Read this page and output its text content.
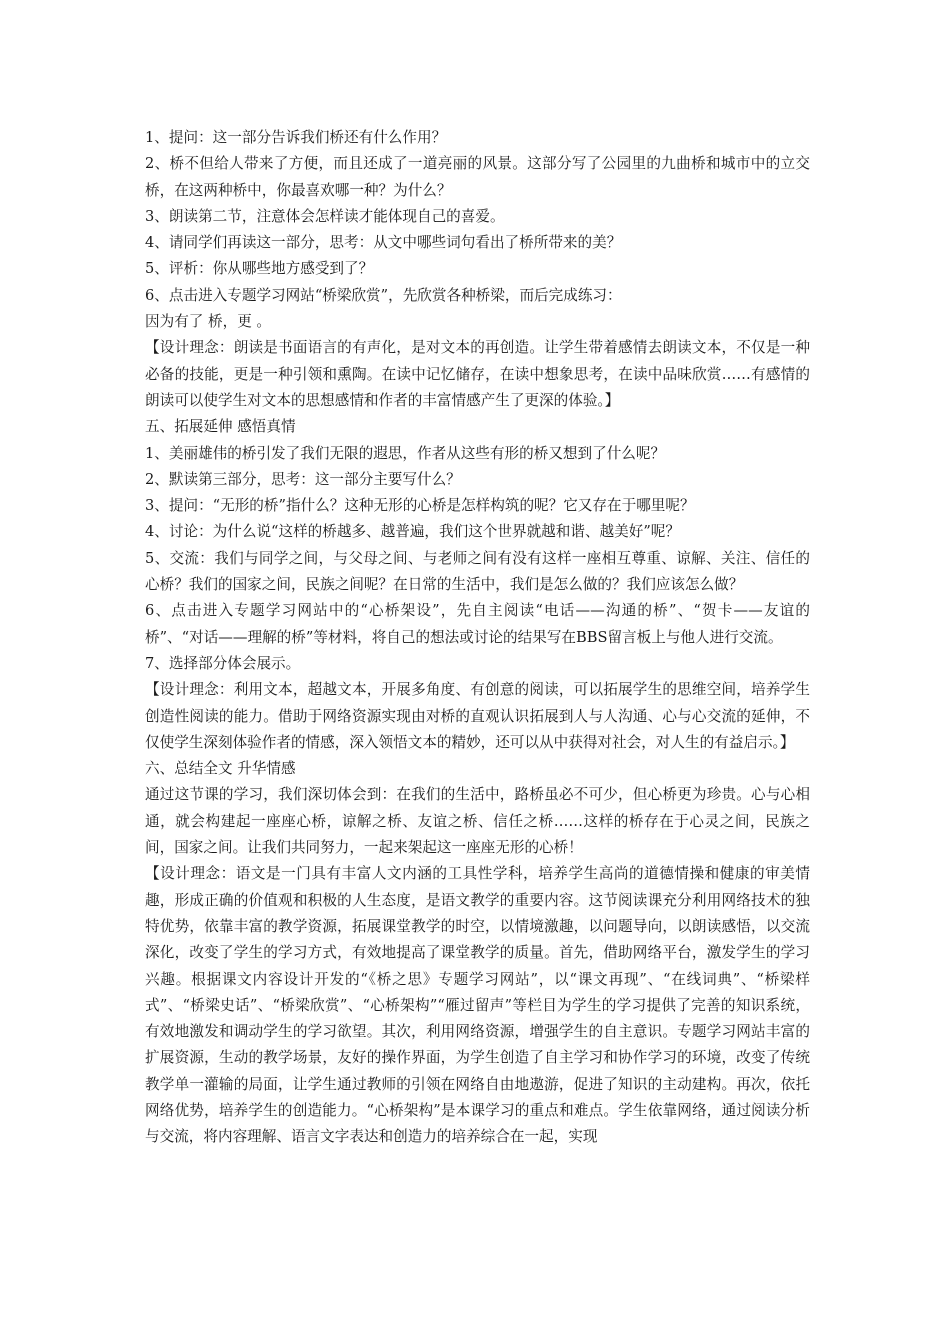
1、提问：这一部分告诉我们桥还有什么作用？

2、桥不但给人带来了方便，而且还成了一道亮丽的风景。这部分写了公园里的九曲桥和城市中的立交桥，在这两种桥中，你最喜欢哪一种？为什么？

3、朗读第二节，注意体会怎样读才能体现自己的喜爱。

4、请同学们再读这一部分，思考：从文中哪些词句看出了桥所带来的美？

5、评析：你从哪些地方感受到了？

6、点击进入专题学习网站“桥梁欣赏”，先欣赏各种桥梁，而后完成练习：

因为有了 桥，更 。

【设计理念：朗读是书面语言的有声化，是对文本的再创造。让学生带着感情去朗读文本，不仅是一种必备的技能，更是一种引领和熏陶。在读中记忆储存，在读中想象思考，在读中品味欣赏……有感情的朗读可以使学生对文本的思想感情和作者的丰富情感产生了更深的体验。】

五、拓展延伸 感悟真情

1、美丽雄伟的桥引发了我们无限的遐思，作者从这些有形的桥又想到了什么呢？

2、默读第三部分，思考：这一部分主要写什么？

3、提问：“无形的桥”指什么？这种无形的心桥是怎样构筑的呢？它又存在于哪里呢？

4、讨论：为什么说“这样的桥越多、越普遍，我们这个世界就越和谐、越美好”呢？

5、交流：我们与同学之间，与父母之间、与老师之间有没有这样一座相互尊重、谅解、关注、信任的心桥？我们的国家之间，民族之间呢？在日常的生活中，我们是怎么做的？我们应该怎么做？

6、点击进入专题学习网站中的“心桥架设”，先自主阅读“电话——沟通的桥”、“贺卡——友谊的桥”、“对话——理解的桥”等材料，将自己的想法或讨论的结果写在BBS留言板上与他人进行交流。

7、选择部分体会展示。

【设计理念：利用文本，超越文本，开展多角度、有创意的阅读，可以拓展学生的思维空间，培养学生创造性阅读的能力。借助于网络资源实现由对桥的直观认识拓展到人与人沟通、心与心交流的延伸，不仅使学生深刻体验作者的情感，深入领悟文本的精妙，还可以从中获得对社会，对人生的有益启示。】

六、总结全文 升华情感

通过这节课的学习，我们深切体会到：在我们的生活中，路桥虽必不可少，但心桥更为珍贵。心与心相通，就会构建起一座座心桥，谅解之桥、友谊之桥、信任之桥……这样的桥存在于心灵之间，民族之间，国家之间。让我们共同努力，一起来架起这一座座无形的心桥！

【设计理念：语文是一门具有丰富人文内涵的工具性学科，培养学生高尚的道德情操和健康的审美情趣，形成正确的价值观和积极的人生态度，是语文教学的重要内容。这节阅读课充分利用网络技术的独特优势，依靠丰富的教学资源，拓展课堂教学的时空，以情境激趣，以问题导向，以朗读感悟，以交流深化，改变了学生的学习方式，有效地提高了课堂教学的质量。首先，借助网络平台，激发学生的学习兴趣。根据课文内容设计开发的“《桥之思》专题学习网站”，以“课文再现”、“在线词典”、“桥梁样式”、“桥梁史话”、“桥梁欣赏”、“心桥架构”“雁过留声”等栏目为学生的学习提供了完善的知识系统，有效地激发和调动学生的学习欲望。其次，利用网络资源，增强学生的自主意识。专题学习网站丰富的扩展资源，生动的教学场景，友好的操作界面，为学生创造了自主学习和协作学习的环境，改变了传统教学单一灌输的局面，让学生通过教师的引领在网络自由地遨游，促进了知识的主动建构。再次，依托网络优势，培养学生的创造能力。“心桥架构”是本课学习的重点和难点。学生依靠网络，通过阅读分析与交流，将内容理解、语言文字表达和创造力的培养综合在一起，实现
